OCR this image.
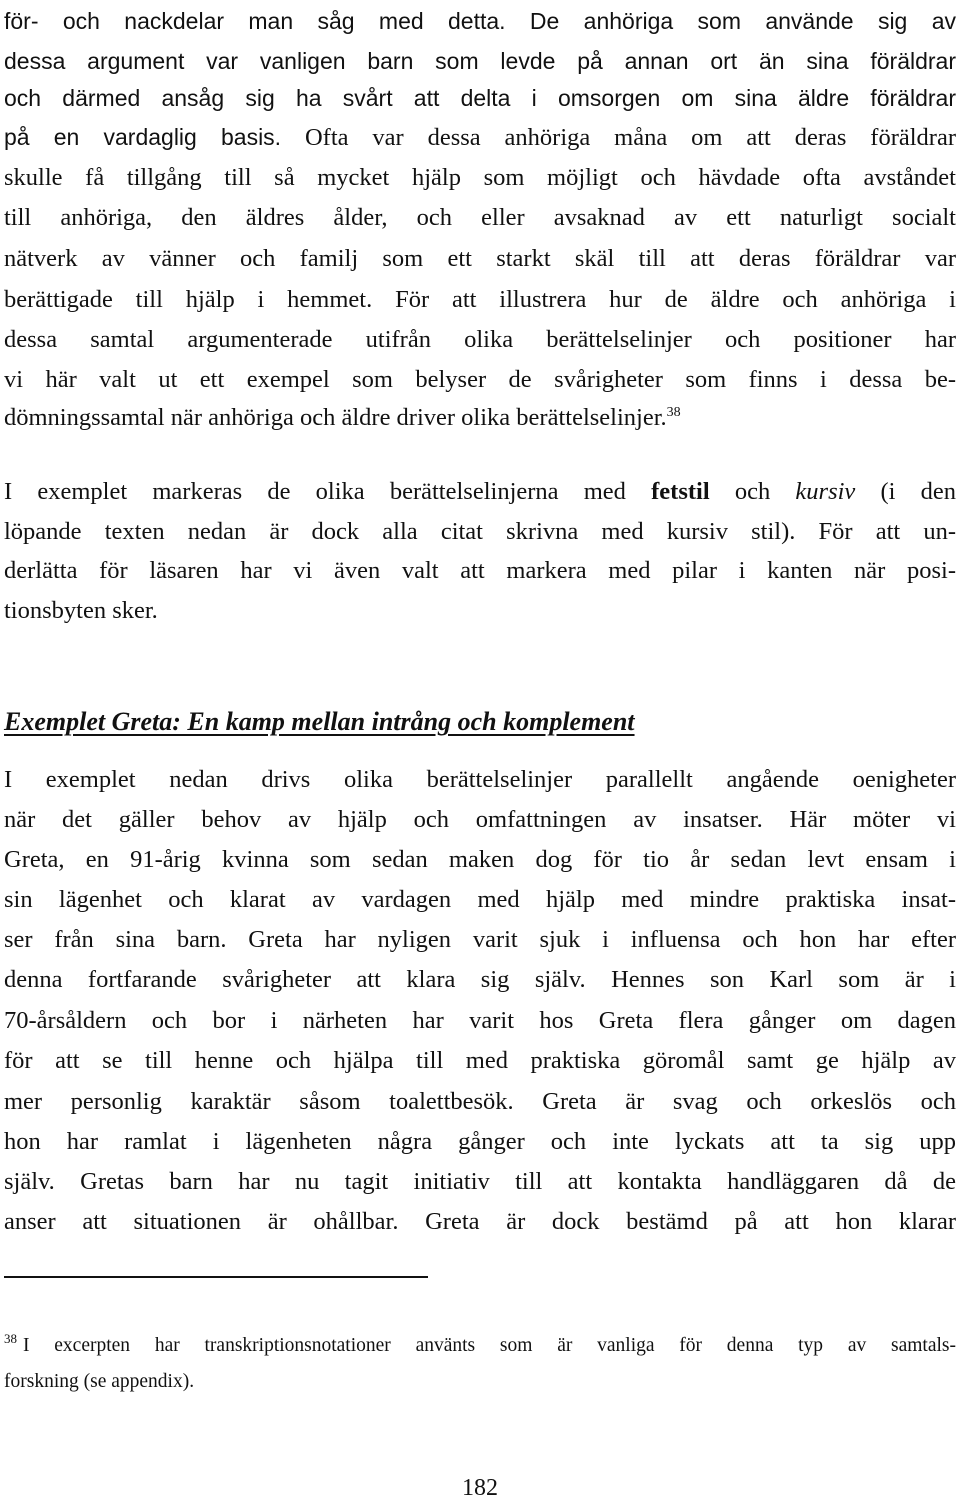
för- och nackdelar man såg med detta. De anhöriga som använde sig av
dessa argument var vanligen barn som levde på annan ort än sina föräldrar
och därmed ansåg sig ha svårt att delta i omsorgen om sina äldre föräldrar
på en vardaglig basis. Ofta var dessa anhöriga måna om att deras föräldrar
skulle få tillgång till så mycket hjälp som möjligt och hävdade ofta avståndet
till anhöriga, den äldres ålder, och eller avsaknad av ett naturligt socialt
nätverk av vänner och familj som ett starkt skäl till att deras föräldrar var
berättigade till hjälp i hemmet. För att illustrera hur de äldre och anhöriga i
dessa samtal argumenterade utifrån olika berättelselinjer och positioner har
vi här valt ut ett exempel som belyser de svårigheter som finns i dessa be-
dömningssamtal när anhöriga och äldre driver olika berättelselinjer.$^{38}$
I exemplet markeras de olika berättelselinjerna med fetstil och kursiv (i den
löpande texten nedan är dock alla citat skrivna med kursiv stil). För att un-
derlätta för läsaren har vi även valt att markera med pilar i kanten när posi-
tionsbyten sker.
Exemplet Greta: En kamp mellan intrång och komplement
I exemplet nedan drivs olika berättelselinjer parallellt angående oenigheter
när det gäller behov av hjälp och omfattningen av insatser. Här möter vi
Greta, en 91-årig kvinna som sedan maken dog för tio år sedan levt ensam i
sin lägenhet och klarat av vardagen med hjälp med mindre praktiska insat-
ser från sina barn. Greta har nyligen varit sjuk i influensa och hon har efter
denna fortfarande svårigheter att klara sig själv. Hennes son Karl som är i
70-årsåldern och bor i närheten har varit hos Greta flera gånger om dagen
för att se till henne och hjälpa till med praktiska göromål samt ge hjälp av
mer personlig karaktär såsom toalettbesök. Greta är svag och orkeslös och
hon har ramlat i lägenheten några gånger och inte lyckats att ta sig upp
själv. Gretas barn har nu tagit initiativ till att kontakta handläggaren då de
anser att situationen är ohållbar. Greta är dock bestämd på att hon klarar
$^{38}$ I excerpten har transkriptionsnotationer använts som är vanliga för denna typ av samtals-
forskning (se appendix).
182
